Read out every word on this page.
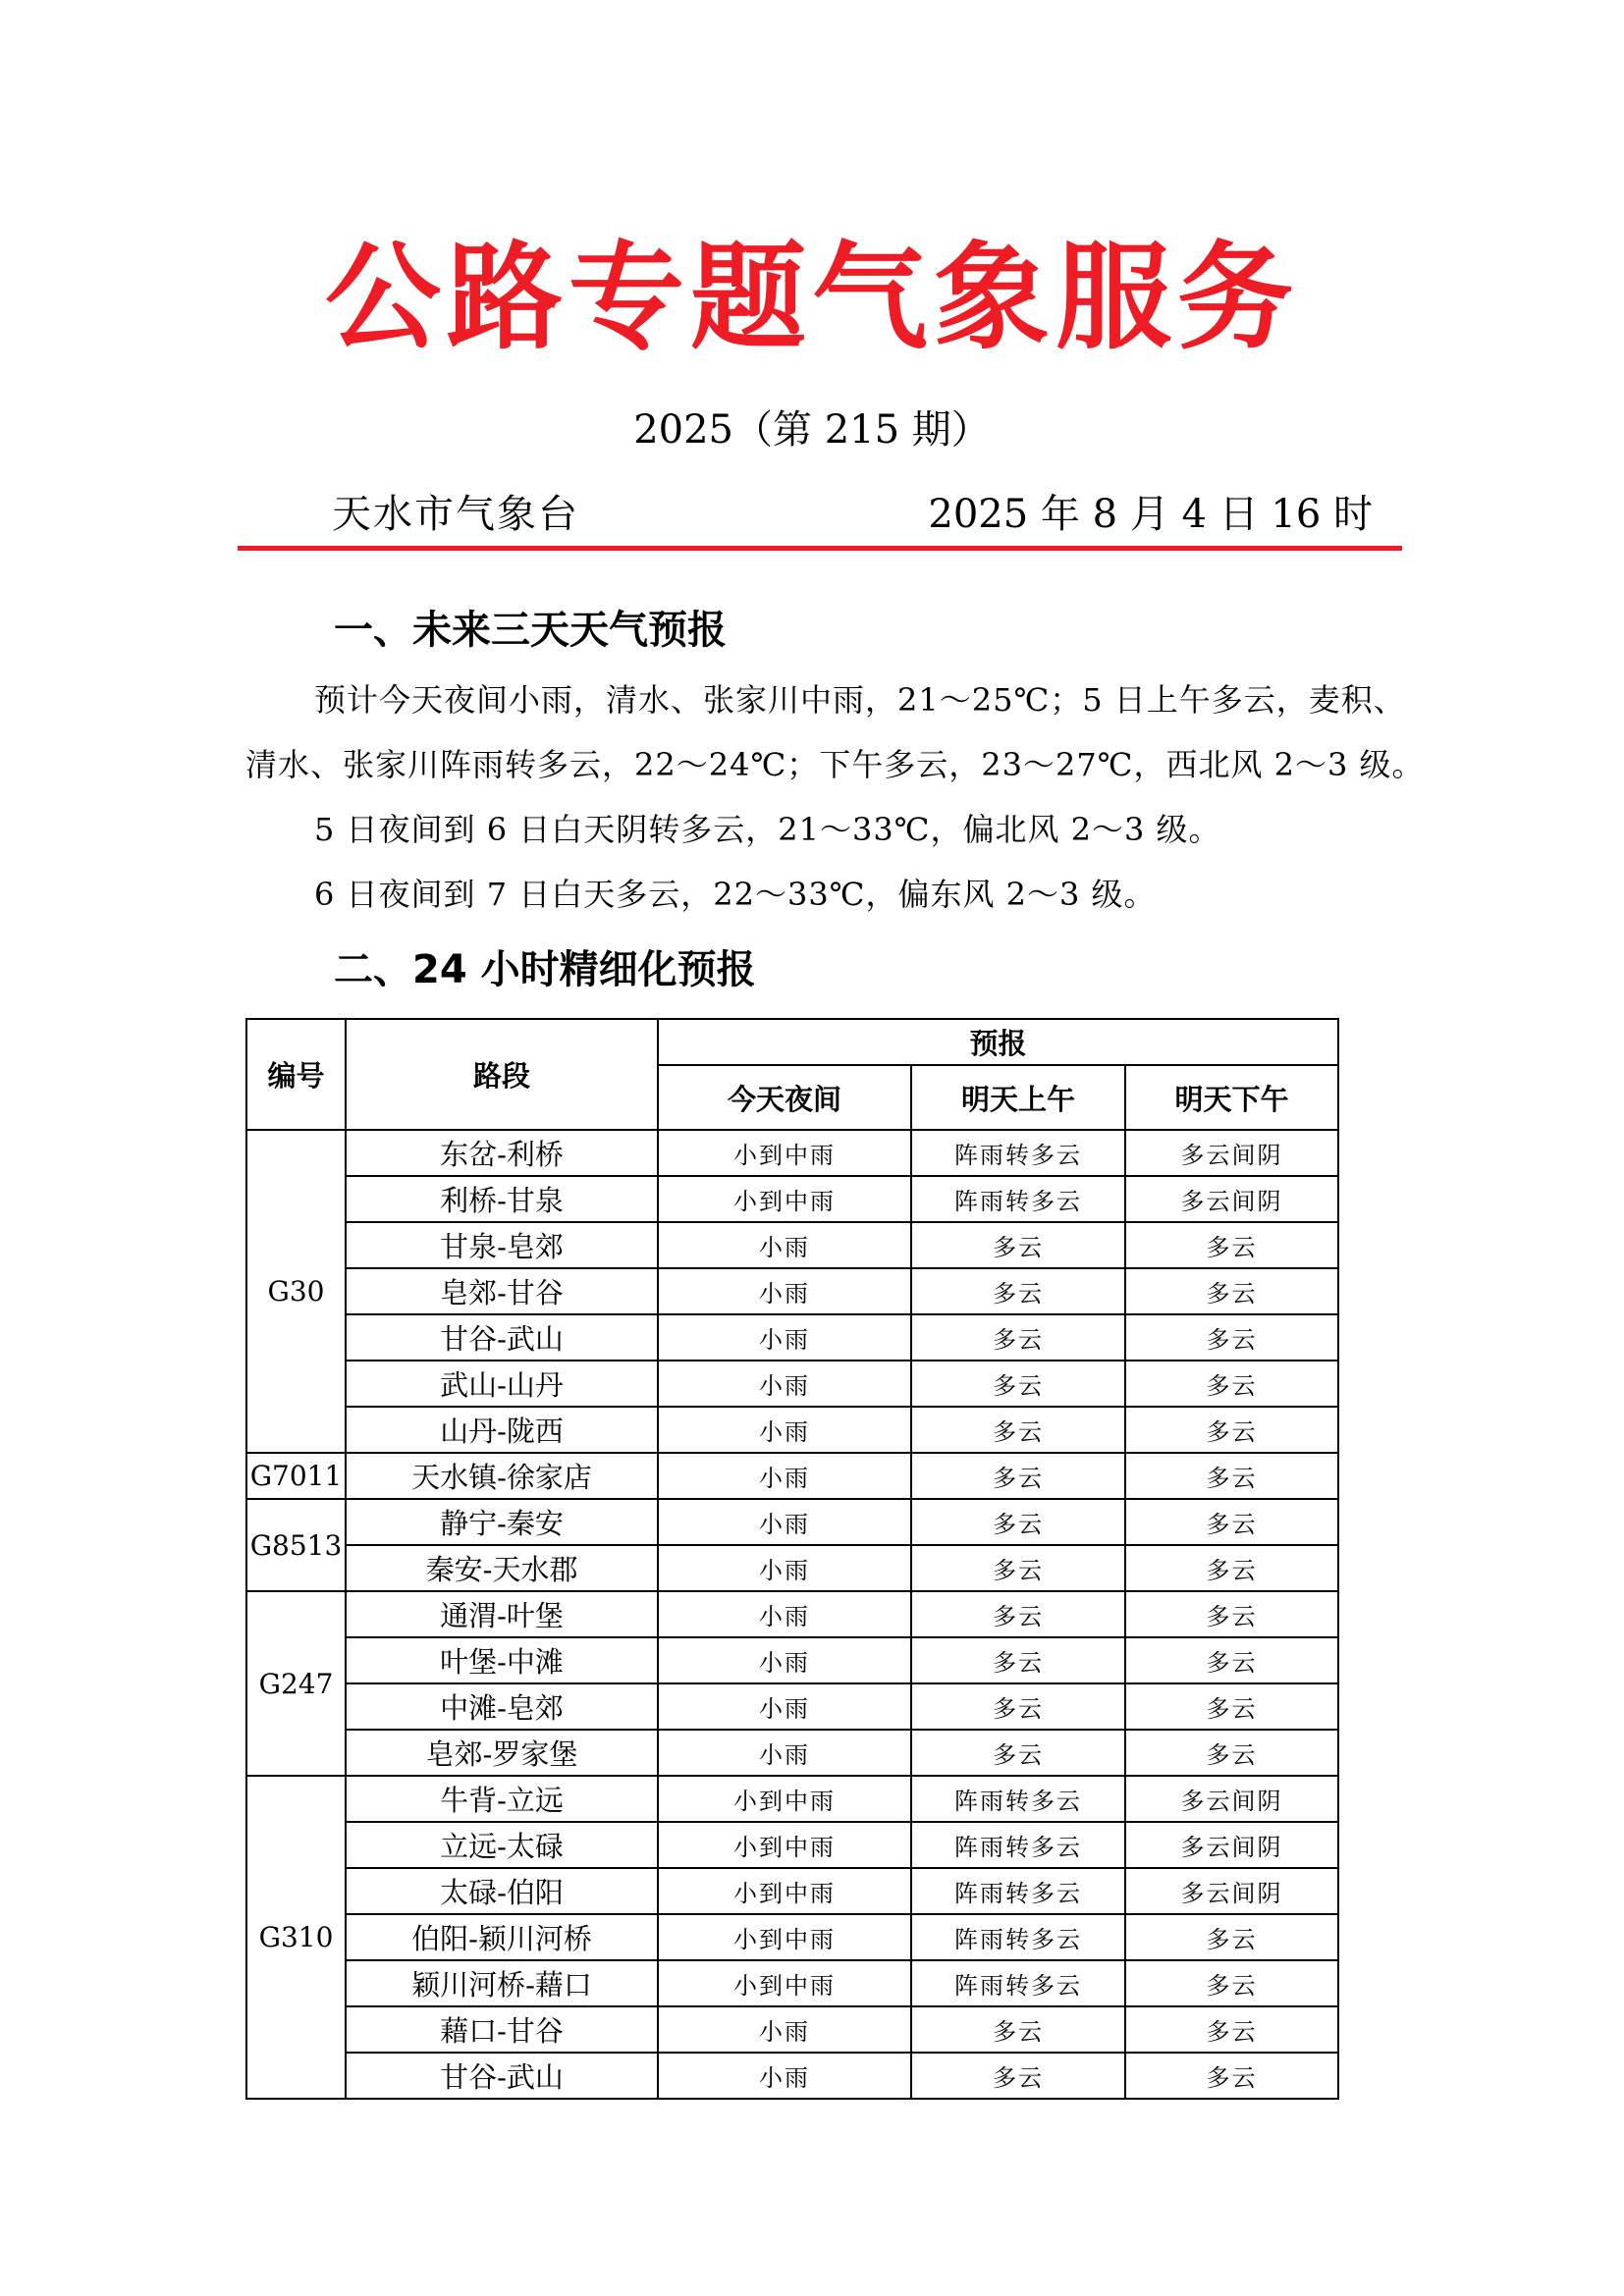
公路专题气象服务
2025（第 215 期）
天水市气象台	2025 年 8 月 4 日 16 时
一、未来三天天气预报
预计今天夜间小雨，清水、张家川中雨，21～25℃；5 日上午多云，麦积、
清水、张家川阵雨转多云，22～24℃；下午多云，23～27℃，西北风 2～3 级。
5 日夜间到 6 日白天阴转多云，21～33℃，偏北风 2～3 级。
6 日夜间到 7 日白天多云，22～33℃，偏东风 2～3 级。
二、24 小时精细化预报
编号	路段	预报		
		今天夜间	明天上午	明天下午
G30	东岔-利桥	小到中雨	阵雨转多云	多云间阴
	利桥-甘泉	小到中雨	阵雨转多云	多云间阴
	甘泉-皂郊	小雨	多云	多云
	皂郊-甘谷	小雨	多云	多云
	甘谷-武山	小雨	多云	多云
	武山-山丹	小雨	多云	多云
	山丹-陇西	小雨	多云	多云
G7011	天水镇-徐家店	小雨	多云	多云
G8513	静宁-秦安	小雨	多云	多云
	秦安-天水郡	小雨	多云	多云
G247	通渭-叶堡	小雨	多云	多云
	叶堡-中滩	小雨	多云	多云
	中滩-皂郊	小雨	多云	多云
	皂郊-罗家堡	小雨	多云	多云
G310	牛背-立远	小到中雨	阵雨转多云	多云间阴
	立远-太碌	小到中雨	阵雨转多云	多云间阴
	太碌-伯阳	小到中雨	阵雨转多云	多云间阴
	伯阳-颖川河桥	小到中雨	阵雨转多云	多云
	颖川河桥-藉口	小到中雨	阵雨转多云	多云
	藉口-甘谷	小雨	多云	多云
	甘谷-武山	小雨	多云	多云
